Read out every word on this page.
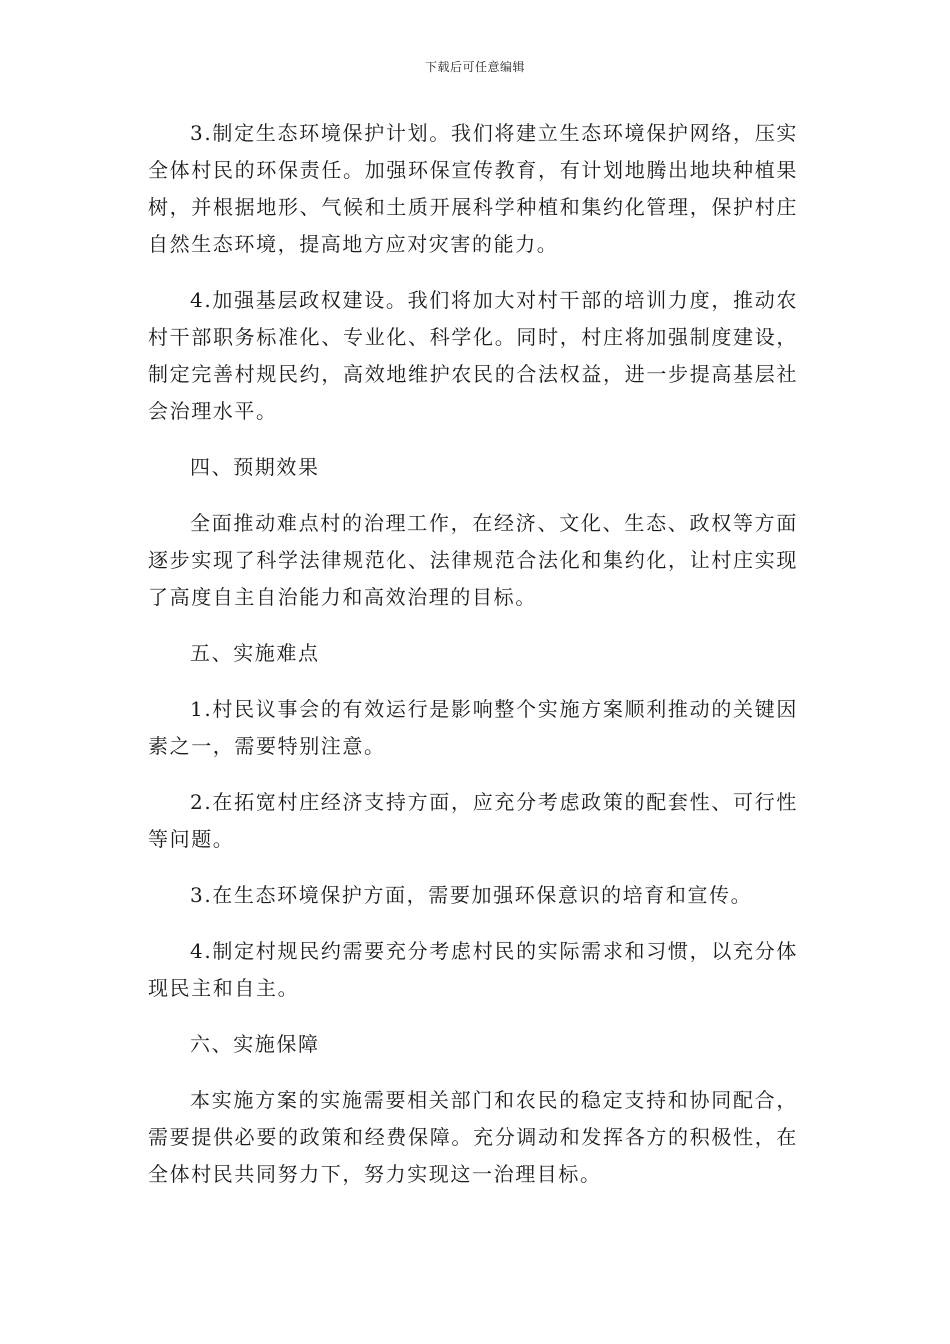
下载后可任意编辑

3.制定生态环境保护计划。我们将建立生态环境保护网络，压实全体村民的环保责任。加强环保宣传教育，有计划地腾出地块种植果树，并根据地形、气候和土质开展科学种植和集约化管理，保护村庄自然生态环境，提高地方应对灾害的能力。

4.加强基层政权建设。我们将加大对村干部的培训力度，推动农村干部职务标准化、专业化、科学化。同时，村庄将加强制度建设，制定完善村规民约，高效地维护农民的合法权益，进一步提高基层社会治理水平。

四、预期效果

全面推动难点村的治理工作，在经济、文化、生态、政权等方面逐步实现了科学法律规范化、法律规范合法化和集约化，让村庄实现了高度自主自治能力和高效治理的目标。

五、实施难点

1.村民议事会的有效运行是影响整个实施方案顺利推动的关键因素之一，需要特别注意。

2.在拓宽村庄经济支持方面，应充分考虑政策的配套性、可行性等问题。

3.在生态环境保护方面，需要加强环保意识的培育和宣传。

4.制定村规民约需要充分考虑村民的实际需求和习惯，以充分体现民主和自主。

六、实施保障

本实施方案的实施需要相关部门和农民的稳定支持和协同配合，需要提供必要的政策和经费保障。充分调动和发挥各方的积极性，在全体村民共同努力下，努力实现这一治理目标。
